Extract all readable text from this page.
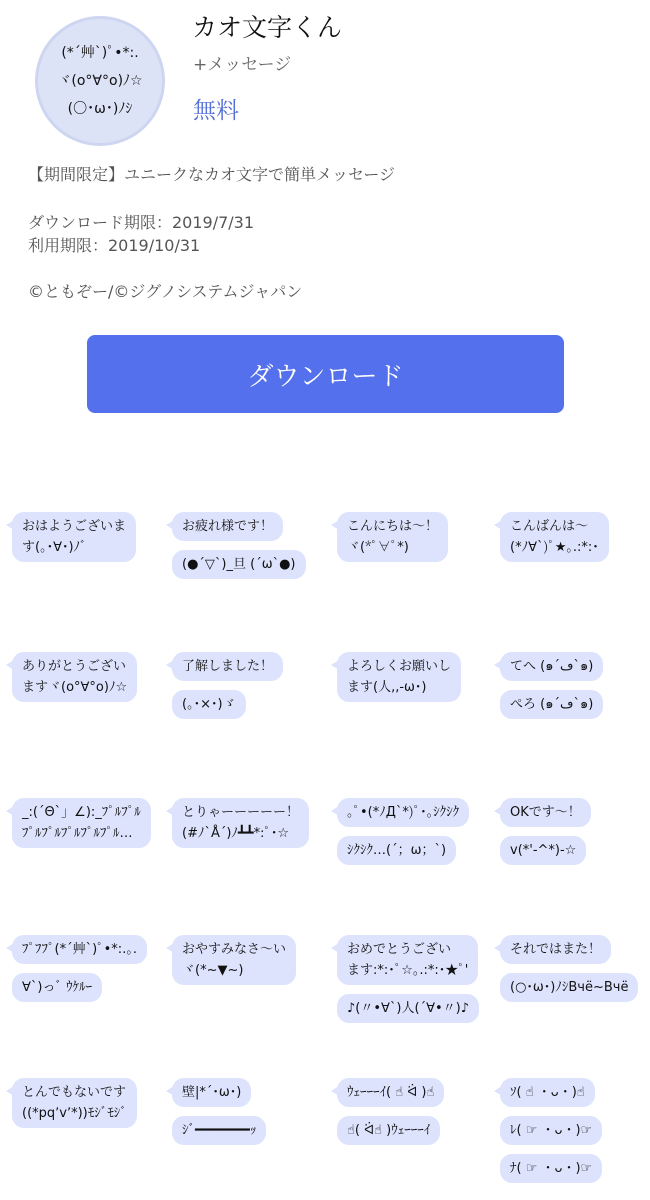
(*´艸`)ﾟ•*:.
ヾ(o°∀°o)ﾉ☆
(〇･ω･)ﾉｼ
カオ文字くん
+メッセージ
無料
【期間限定】ユニークなカオ文字で簡単メッセージ
ダウンロード期限：2019/7/31
利用期限：2019/10/31
©ともぞー/©ジグノシステムジャパン
ダウンロード
おはようございま
す(｡･∀･)ﾉﾞ

お疲れ様です！

(●´▽`)_旦 (´ω`●)

こんにちは～！
ヾ(*ﾟ∀ﾟ*)

こんばんは～
(*ﾉ∀`)ﾟ★｡.:*:･

ありがとうござい
ますヾ(o°∀°o)ﾉ☆

了解しました！

(｡･×･)ゞ

よろしくお願いし
ます(人,,-ω･)

てへ (๑´ڡ`๑)

ぺろ (๑´ڡ`๑)

_:(´Θ`」∠):_ﾌﾟﾙﾌﾟﾙ
ﾌﾟﾙﾌﾟﾙﾌﾟﾙﾌﾟﾙﾌﾟﾙ…

とりゃーーーーー！
(#ﾉ`Å´)ﾉ┻┻*:ﾟ･☆

｡ﾟ•(*ﾉД`*)ﾟ･｡ｼｸｼｸ

ｼｸｼｸ…(´；ω；`)

OKです～！

v(*'-^*)-☆

ﾌﾟﾌﾌﾟ(*´艸`)ﾟ•*:.｡.

∀`)っﾞ ｳｹﾙｰ

おやすみなさ～い
ヾ(*~▼~)

おめでとうござい
ます:*:･ﾟ☆｡.:*:･★ﾟ'

♪(〃•∀`)人(´∀•〃)♪

それではまた！

(○･ω･)ﾉｼBчё~Bчё

とんでもないです
((*pqʼvʼ*))ﾓｼﾞﾓｼﾞ

壁|*´･ω･)

ｼﾞ━━━━━━━ｯ

ｳｪｰｰｰｲ( ☝ ᐛ )☝

☝( ᐛ☝ )ｳｪｰｰｰｲ

ｿ( ☝ ・ᴗ・)☝

ﾚ( ☞ ・ᴗ・)☞

ﾅ( ☞ ・ᴗ・)☞
